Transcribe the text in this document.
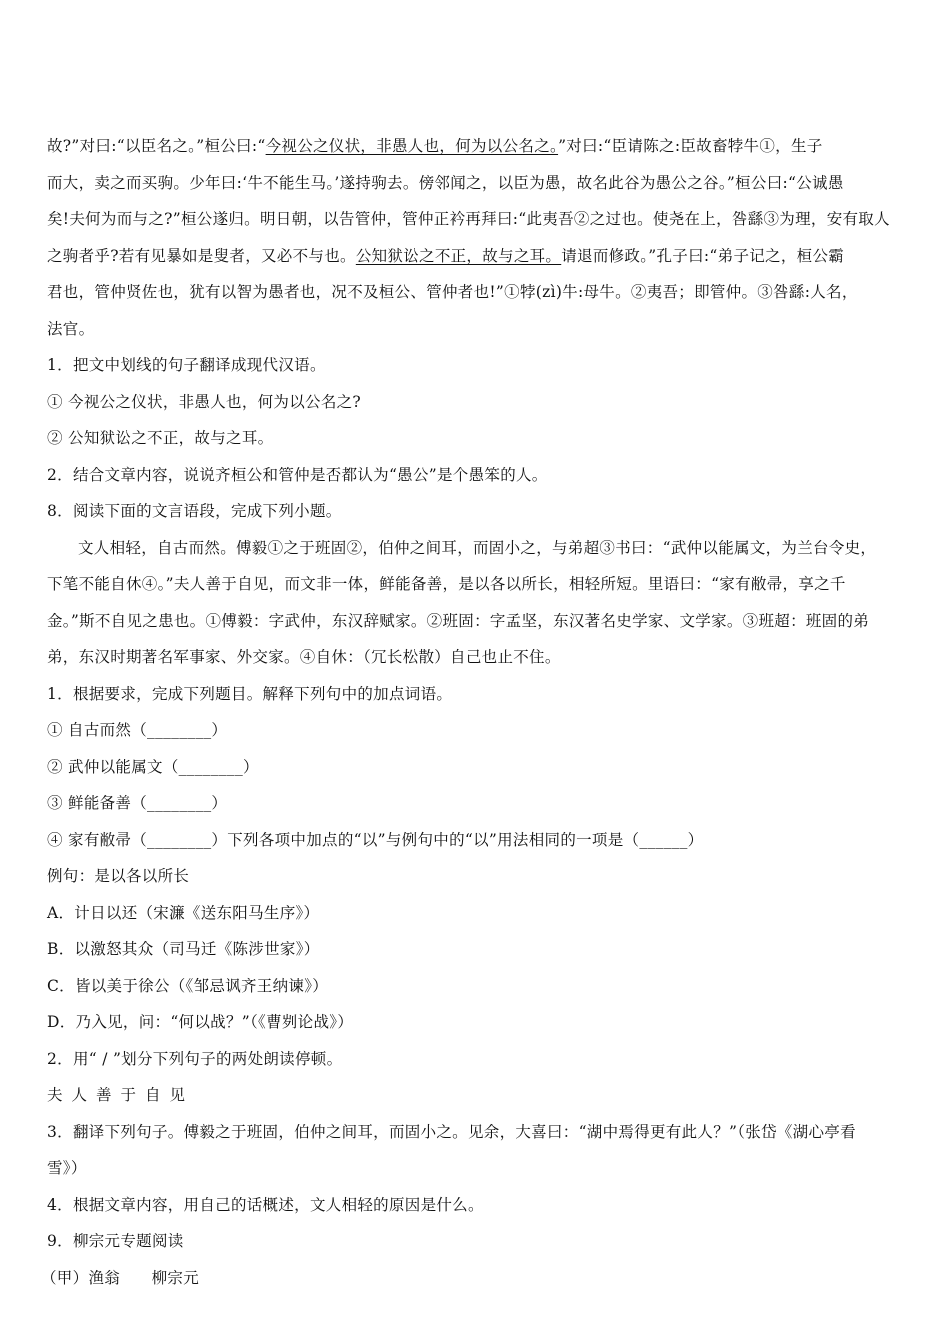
故?”对曰:“以臣名之。”桓公曰:“今视公之仪状，非愚人也，何为以公名之。”对曰:“臣请陈之:臣故畜㹀牛①，生子
而大，卖之而买驹。少年曰:‘牛不能生马。’遂持驹去。傍邻闻之，以臣为愚，故名此谷为愚公之谷。”桓公曰:“公诚愚
矣!夫何为而与之?”桓公遂归。明日朝，以告管仲，管仲正衿再拜曰:“此夷吾②之过也。使尧在上，咎繇③为理，安有取人
之驹者乎?若有见暴如是叟者，又必不与也。公知狱讼之不正，故与之耳。请退而修政。”孔子曰:“弟子记之，桓公霸
君也，管仲贤佐也，犹有以智为愚者也，况不及桓公、管仲者也!”①㹀(zì)牛:母牛。②夷吾；即管仲。③咎繇:人名，
法官。
1．把文中划线的句子翻译成现代汉语。
① 今视公之仪状，非愚人也，何为以公名之?
② 公知狱讼之不正，故与之耳。
2．结合文章内容，说说齐桓公和管仲是否都认为“愚公”是个愚笨的人。
8．阅读下面的文言语段，完成下列小题。
文人相轻，自古而然。傅毅①之于班固②，伯仲之间耳，而固小之，与弟超③书曰：“武仲以能属文，为兰台令史，
下笔不能自休④。”夫人善于自见，而文非一体，鲜能备善，是以各以所长，相轻所短。里语曰：“家有敝帚，享之千
金。”斯不自见之患也。①傅毅：字武仲，东汉辞赋家。②班固：字孟坚，东汉著名史学家、文学家。③班超：班固的弟
弟，东汉时期著名军事家、外交家。④自休：（冗长松散）自己也止不住。
1．根据要求，完成下列题目。解释下列句中的加点词语。
① 自古而然（________）
② 武仲以能属文（________）
③ 鲜能备善（________）
④ 家有敝帚（________）下列各项中加点的“以”与例句中的“以”用法相同的一项是（______）
例句：是以各以所长
A．计日以还（宋濂《送东阳马生序》）
B．以激怒其众（司马迁《陈涉世家》）
C．皆以美于徐公（《邹忌讽齐王纳谏》）
D．乃入见，问：“何以战？”（《曹刿论战》）
2．用“ / ”划分下列句子的两处朗读停顿。
夫人善于自见
3．翻译下列句子。傅毅之于班固，伯仲之间耳，而固小之。见余，大喜曰：“湖中焉得更有此人？”（张岱《湖心亭看
雪》）
4．根据文章内容，用自己的话概述，文人相轻的原因是什么。
9．柳宗元专题阅读
（甲）渔翁　　柳宗元
